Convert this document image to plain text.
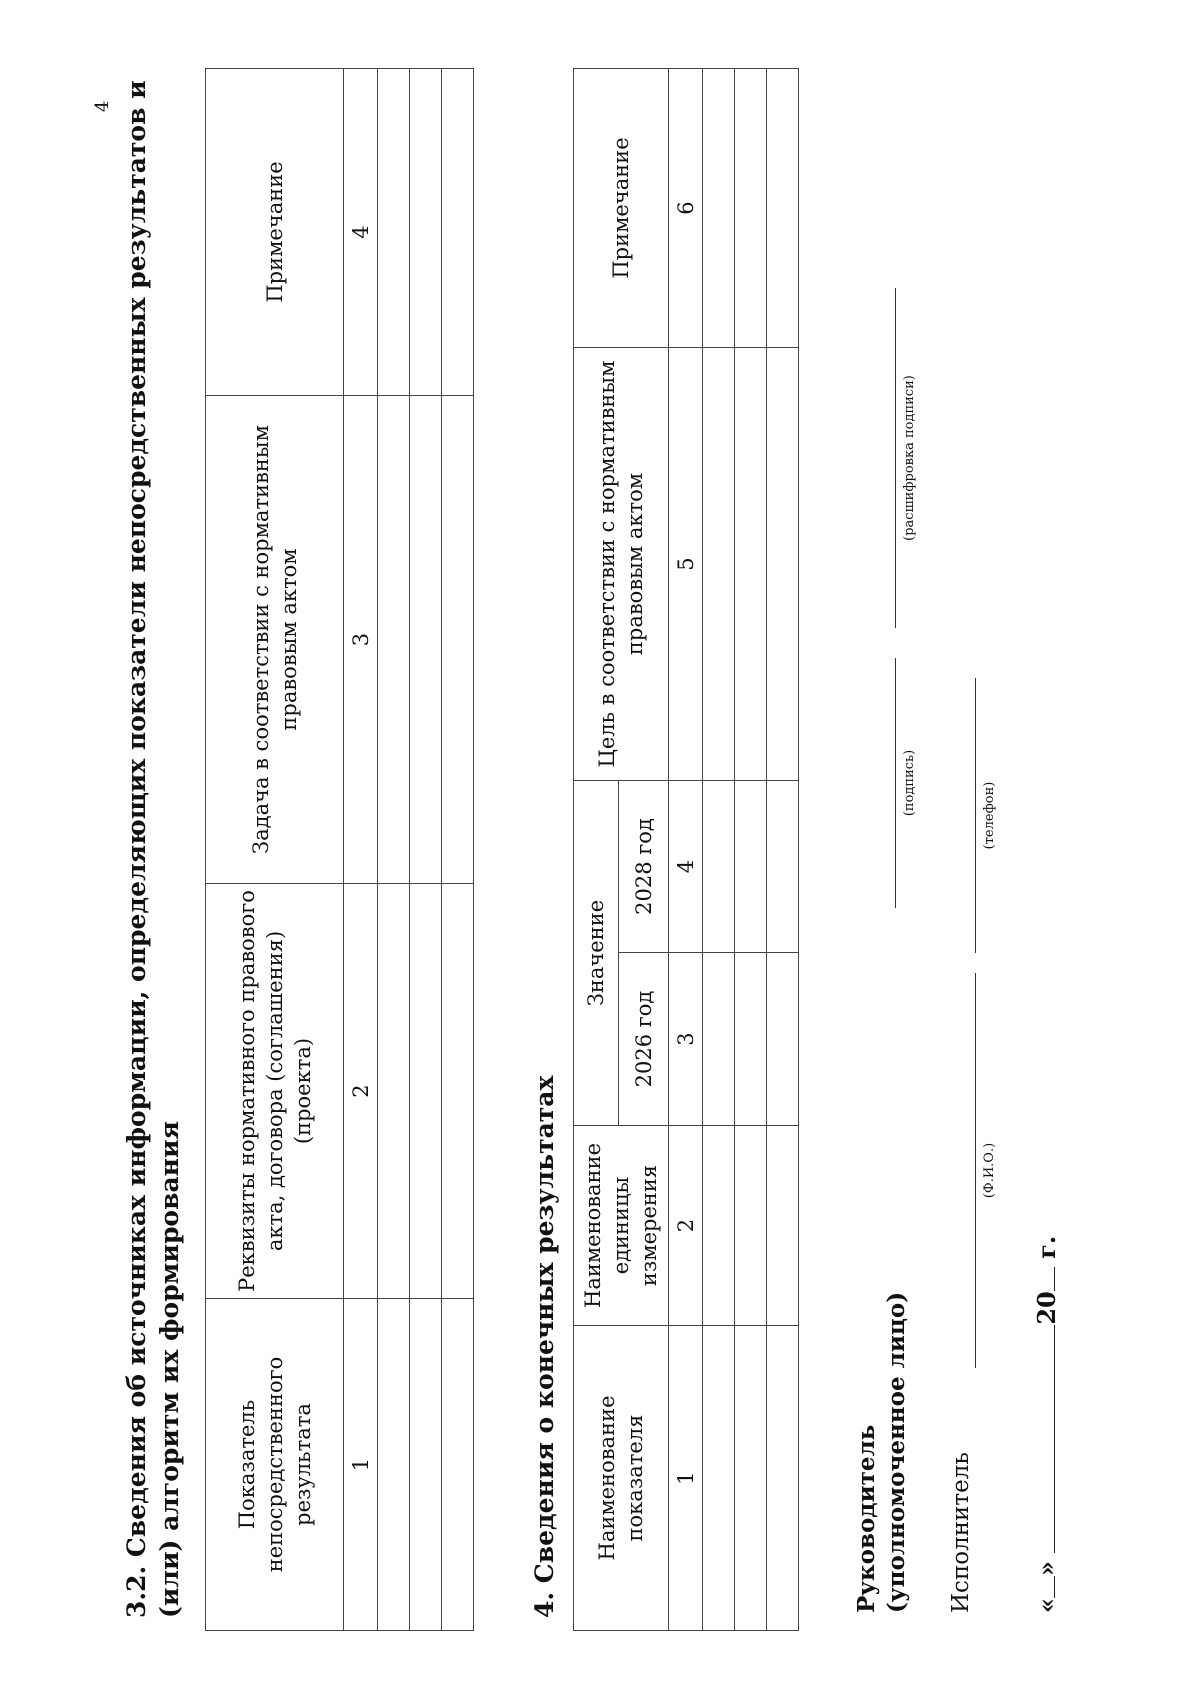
4 3.2. Сведения об источниках информации, определяющих показатели непосредственных результатов и (или) алгоритм их формирования Показатель непосредственного результата	Реквизиты нормативного правового акта, договора (соглашения) (проекта)	Задача в соответствии с нормативным правовым актом	Примечание
1	2	3	4

4. Сведения о конечных результатах Наименование показателя	Наименование единицы измерения	Значение		Цель в соответствии с нормативным правовым актом	Примечание
		2026 год	2028 год		
1	2	3	4	5	6

Руководитель (уполномоченное лицо)
(подпись)
(расшифровка подписи)
Исполнитель
(Ф.И.О.)
(телефон)
«» 20 г.
